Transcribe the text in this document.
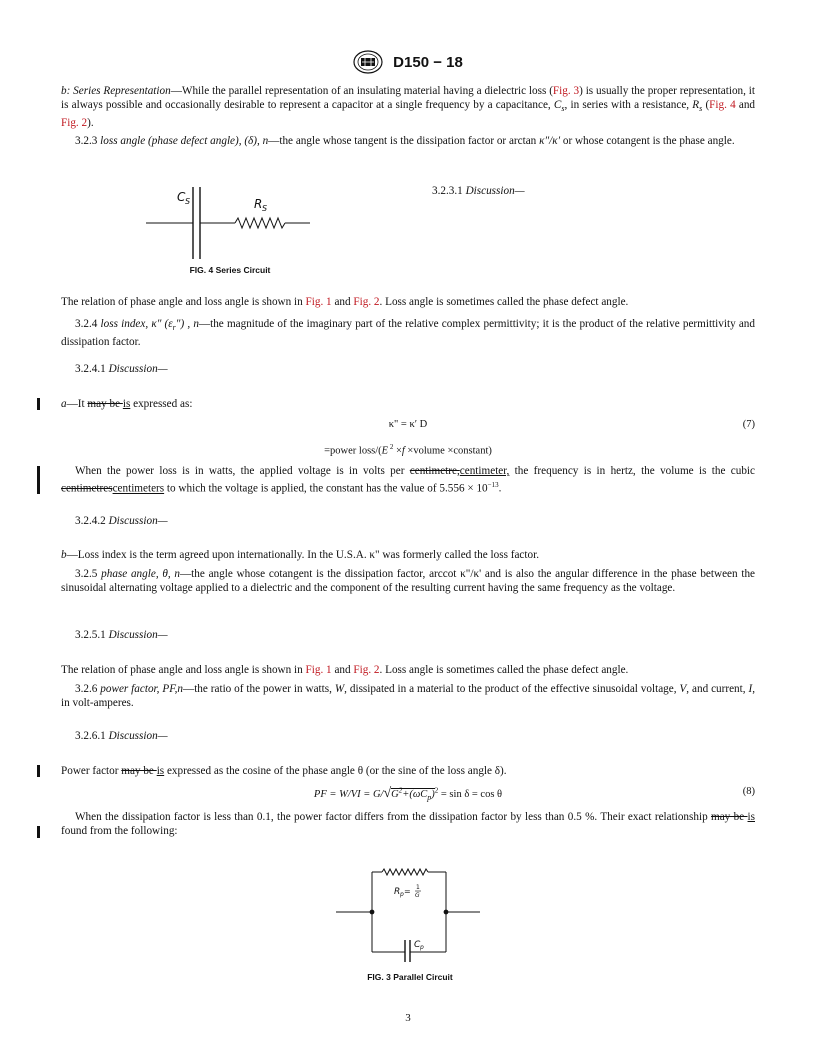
D150 − 18
b: Series Representation—While the parallel representation of an insulating material having a dielectric loss (Fig. 3) is usually the proper representation, it is always possible and occasionally desirable to represent a capacitor at a single frequency by a capacitance, $C_s$, in series with a resistance, $R_s$ (Fig. 4 and Fig. 2).
3.2.3 loss angle (phase defect angle), (δ), n—the angle whose tangent is the dissipation factor or arctan κ″/κ′ or whose cotangent is the phase angle.
C S	R S
FIG. 4 Series Circuit
3.2.3.1 Discussion—
The relation of phase angle and loss angle is shown in Fig. 1 and Fig. 2. Loss angle is sometimes called the phase defect angle.
3.2.4 loss index, κ″ $(\varepsilon_r'')$ , n—the magnitude of the imaginary part of the relative complex permittivity; it is the product of the relative permittivity and dissipation factor.
3.2.4.1 Discussion—
a—It may be is expressed as:
κ" = κ′ D	(7)
=power loss/(E $^2$ ×f ×volume ×constant)
When the power loss is in watts, the applied voltage is in volts per centimetre,centimeter, the frequency is in hertz, the volume is the cubic centimetrescentimeters to which the voltage is applied, the constant has the value of $5.556 \times 10^{-13}$.
3.2.4.2 Discussion—
b—Loss index is the term agreed upon internationally. In the U.S.A. κ" was formerly called the loss factor.
3.2.5 phase angle, θ, n—the angle whose cotangent is the dissipation factor, arccot κ"/κ' and is also the angular difference in the phase between the sinusoidal alternating voltage applied to a dielectric and the component of the resulting current having the same frequency as the voltage.
3.2.5.1 Discussion—
The relation of phase angle and loss angle is shown in Fig. 1 and Fig. 2. Loss angle is sometimes called the phase defect angle.
3.2.6 power factor, PF,n—the ratio of the power in watts, W, dissipated in a material to the product of the effective sinusoidal voltage, V, and current, I, in volt-amperes.
3.2.6.1 Discussion—
Power factor may be is expressed as the cosine of the phase angle θ (or the sine of the loss angle δ).
PF = $W/VI = G/√G^2+(\omega C_p)^2 = \sin \delta = \cos \theta$	(8)
When the dissipation factor is less than 0.1, the power factor differs from the dissipation factor by less than 0.5 %. Their exact relationship may be is found from the following:
R p = 1
G
C p
FIG. 3 Parallel Circuit
3
